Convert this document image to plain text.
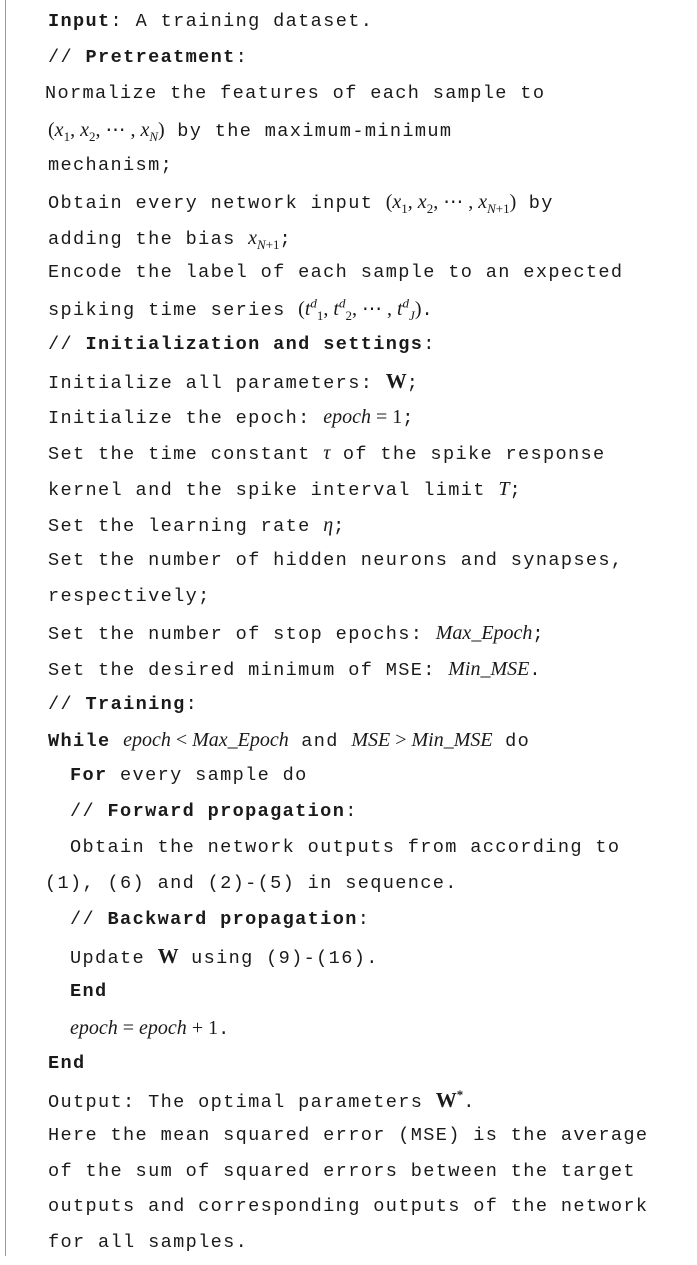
Input: A training dataset.
// Pretreatment:
Normalize the features of each sample to
($x_1$, $x_2$, ⋯ , $x_N$) by the maximum-minimum
mechanism;
Obtain every network input ($x_1$, $x_2$, ⋯ , $x_{N+1}$) by
adding the bias $x_{N+1}$;
Encode the label of each sample to an expected
spiking time series ($t^d_1$, $t^d_2$, ⋯ , $t^d_J$).
// Initialization and settings:
Initialize all parameters: W;
Initialize the epoch: epoch = 1;
Set the time constant τ of the spike response
kernel and the spike interval limit T;
Set the learning rate η;
Set the number of hidden neurons and synapses,
respectively;
Set the number of stop epochs: Max_Epoch;
Set the desired minimum of MSE: Min_MSE.
// Training:
While epoch < Max_Epoch and MSE > Min_MSE do
For every sample do
// Forward propagation:
Obtain the network outputs from according to
(1), (6) and (2)-(5) in sequence.
// Backward propagation:
Update W using (9)-(16).
End
epoch = epoch + 1.
End
Output: The optimal parameters W*.
Here the mean squared error (MSE) is the average
of the sum of squared errors between the target
outputs and corresponding outputs of the network
for all samples.
